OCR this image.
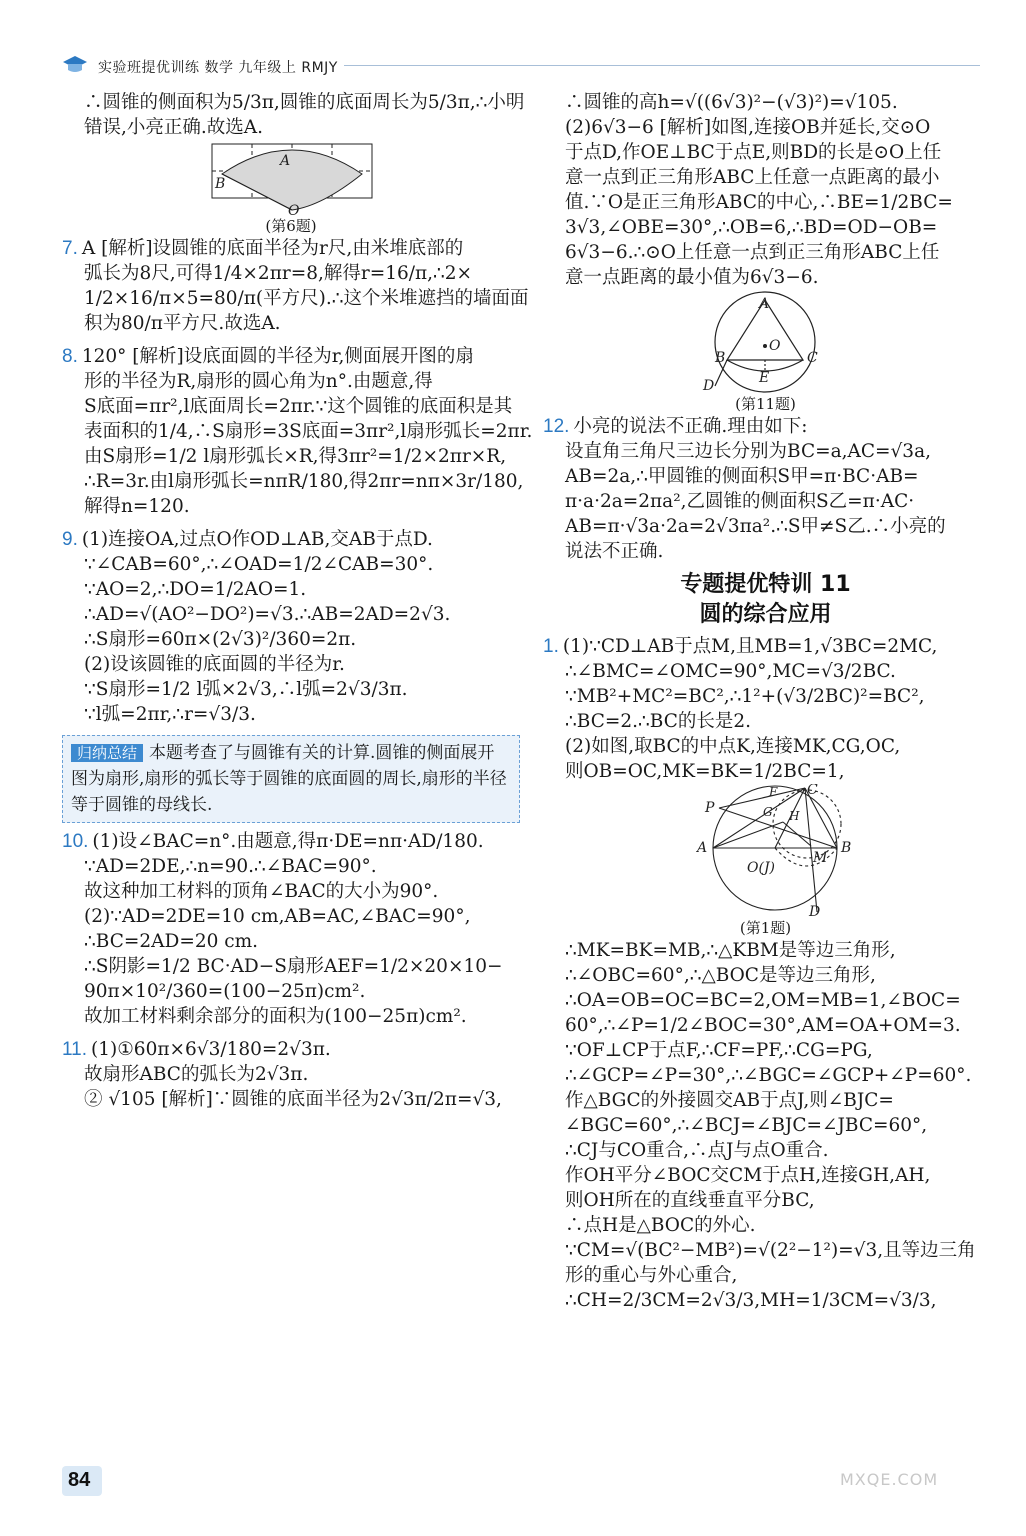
实验班提优训练 数学 九年级上 RMJY
∴圆锥的侧面积为5/3π,圆锥的底面周长为5/3π,∴小明
错误,小亮正确.故选A.
A
B
O
(第6题)
7. A [解析]设圆锥的底面半径为r尺,由米堆底部的
弧长为8尺,可得1/4×2πr=8,解得r=16/π,∴2×
1/2×16/π×5=80/π(平方尺).∴这个米堆遮挡的墙面面
积为80/π平方尺.故选A.
8. 120° [解析]设底面圆的半径为r,侧面展开图的扇
形的半径为R,扇形的圆心角为n°.由题意,得
S底面=πr²,l底面周长=2πr.∵这个圆锥的底面积是其
表面积的1/4,∴S扇形=3S底面=3πr²,l扇形弧长=2πr.
由S扇形=1/2 l扇形弧长×R,得3πr²=1/2×2πr×R,
∴R=3r.由l扇形弧长=nπR/180,得2πr=nπ×3r/180,
解得n=120.
9. (1)连接OA,过点O作OD⊥AB,交AB于点D.
∵∠CAB=60°,∴∠OAD=1/2∠CAB=30°.
∵AO=2,∴DO=1/2AO=1.
∴AD=√(AO²−DO²)=√3.∴AB=2AD=2√3.
∴S扇形=60π×(2√3)²/360=2π.
(2)设该圆锥的底面圆的半径为r.
∵S扇形=1/2 l弧×2√3,∴l弧=2√3/3π.
∵l弧=2πr,∴r=√3/3.
归纳总结 本题考查了与圆锥有关的计算.圆锥的侧面展开图为扇形,扇形的弧长等于圆锥的底面圆的周长,扇形的半径等于圆锥的母线长.
10. (1)设∠BAC=n°.由题意,得π·DE=nπ·AD/180.
∵AD=2DE,∴n=90.∴∠BAC=90°.
故这种加工材料的顶角∠BAC的大小为90°.
(2)∵AD=2DE=10 cm,AB=AC,∠BAC=90°,
∴BC=2AD=20 cm.
∴S阴影=1/2 BC·AD−S扇形AEF=1/2×20×10−
90π×10²/360=(100−25π)cm².
故加工材料剩余部分的面积为(100−25π)cm².
11. (1)①60π×6√3/180=2√3π.
故扇形ABC的弧长为2√3π.
② √105 [解析]∵圆锥的底面半径为2√3π/2π=√3,
∴圆锥的高h=√((6√3)²−(√3)²)=√105.
(2)6√3−6 [解析]如图,连接OB并延长,交⊙O
于点D,作OE⊥BC于点E,则BD的长是⊙O上任
意一点到正三角形ABC上任意一点距离的最小
值.∵O是正三角形ABC的中心,∴BE=1/2BC=
3√3,∠OBE=30°,∴OB=6,∴BD=OD−OB=
6√3−6.∴⊙O上任意一点到正三角形ABC上任
意一点距离的最小值为6√3−6.
A
B	C
D	E
O
(第11题)
12. 小亮的说法不正确.理由如下:
设直角三角尺三边长分别为BC=a,AC=√3a,
AB=2a,∴甲圆锥的侧面积S甲=π·BC·AB=
π·a·2a=2πa²,乙圆锥的侧面积S乙=π·AC·
AB=π·√3a·2a=2√3πa².∴S甲≠S乙.∴小亮的
说法不正确.
专题提优特训 11
圆的综合应用
1. (1)∵CD⊥AB于点M,且MB=1,√3BC=2MC,
∴∠BMC=∠OMC=90°,MC=√3/2BC.
∵MB²+MC²=BC²,∴1²+(√3/2BC)²=BC²,
∴BC=2.∴BC的长是2.
(2)如图,取BC的中点K,连接MK,CG,OC,
则OB=OC,MK=BK=1/2BC=1,
P
F C
G H
A	B
M
O(J)
D
(第1题)
∴MK=BK=MB,∴△KBM是等边三角形,
∴∠OBC=60°,∴△BOC是等边三角形,
∴OA=OB=OC=BC=2,OM=MB=1,∠BOC=
60°,∴∠P=1/2∠BOC=30°,AM=OA+OM=3.
∵OF⊥CP于点F,∴CF=PF,∴CG=PG,
∴∠GCP=∠P=30°,∴∠BGC=∠GCP+∠P=60°.
作△BGC的外接圆交AB于点J,则∠BJC=
∠BGC=60°,∴∠BCJ=∠BJC=∠JBC=60°,
∴CJ与CO重合,∴点J与点O重合.
作OH平分∠BOC交CM于点H,连接GH,AH,
则OH所在的直线垂直平分BC,
∴点H是△BOC的外心.
∵CM=√(BC²−MB²)=√(2²−1²)=√3,且等边三角
形的重心与外心重合,
∴CH=2/3CM=2√3/3,MH=1/3CM=√3/3,
84	MXQE.COM
